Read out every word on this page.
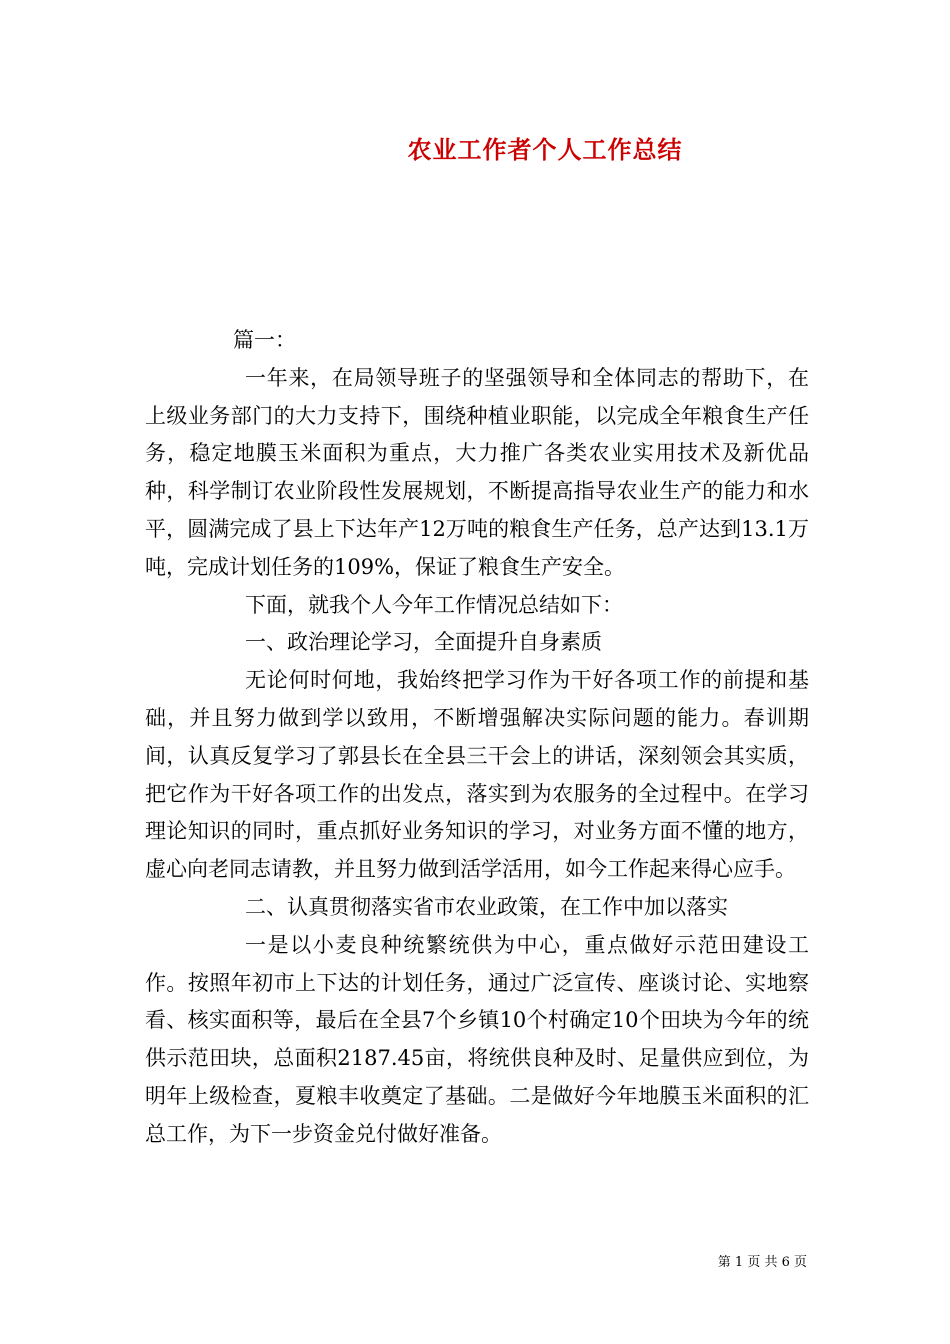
农业工作者个人工作总结

篇一：

一年来，在局领导班子的坚强领导和全体同志的帮助下，在上级业务部门的大力支持下，围绕种植业职能，以完成全年粮食生产任务，稳定地膜玉米面积为重点，大力推广各类农业实用技术及新优品种，科学制订农业阶段性发展规划，不断提高指导农业生产的能力和水平，圆满完成了县上下达年产12万吨的粮食生产任务，总产达到13.1万吨，完成计划任务的109%，保证了粮食生产安全。

下面，就我个人今年工作情况总结如下：

一、政治理论学习，全面提升自身素质

无论何时何地，我始终把学习作为干好各项工作的前提和基础，并且努力做到学以致用，不断增强解决实际问题的能力。春训期间，认真反复学习了郭县长在全县三干会上的讲话，深刻领会其实质，把它作为干好各项工作的出发点，落实到为农服务的全过程中。在学习理论知识的同时，重点抓好业务知识的学习，对业务方面不懂的地方，虚心向老同志请教，并且努力做到活学活用，如今工作起来得心应手。

二、认真贯彻落实省市农业政策，在工作中加以落实

一是以小麦良种统繁统供为中心，重点做好示范田建设工作。按照年初市上下达的计划任务，通过广泛宣传、座谈讨论、实地察看、核实面积等，最后在全县7个乡镇10个村确定10个田块为今年的统供示范田块，总面积2187.45亩，将统供良种及时、足量供应到位，为明年上级检查，夏粮丰收奠定了基础。二是做好今年地膜玉米面积的汇总工作，为下一步资金兑付做好准备。

第 1 页 共 6 页
